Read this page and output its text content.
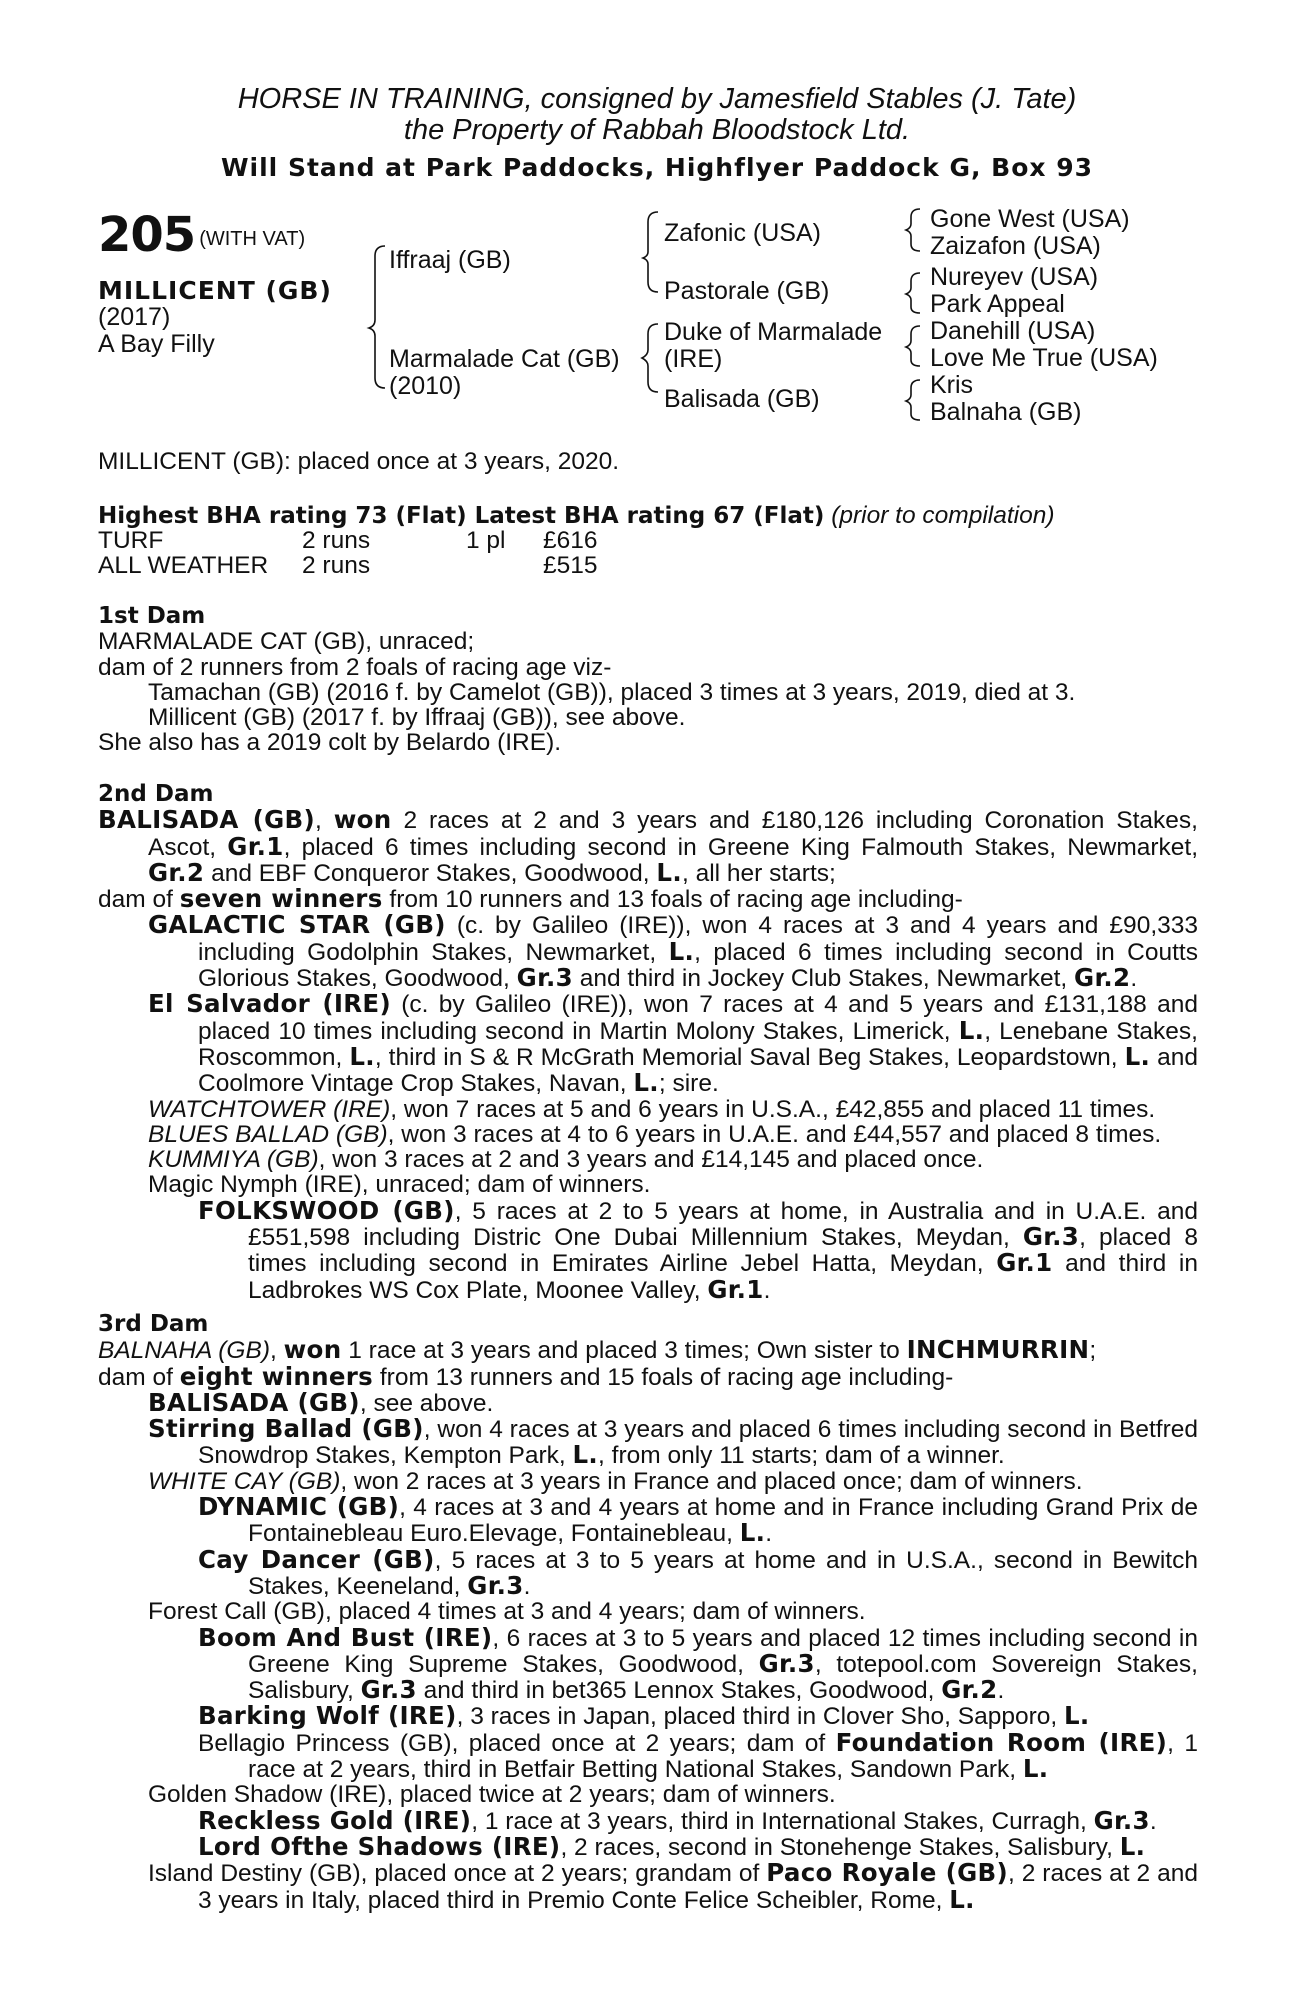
HORSE IN TRAINING, consigned by Jamesfield Stables (J. Tate)
the Property of Rabbah Bloodstock Ltd.
Will Stand at Park Paddocks, Highflyer Paddock G, Box 93
205 (WITH VAT)
MILLICENT (GB)
(2017)
A Bay Filly
Iffraaj (GB)
Marmalade Cat (GB)
(2010)
Zafonic (USA)
Pastorale (GB)
Duke of Marmalade
(IRE)
Balisada (GB)
Gone West (USA)
Zaizafon (USA)
Nureyev (USA)
Park Appeal
Danehill (USA)
Love Me True (USA)
Kris
Balnaha (GB)
MILLICENT (GB): placed once at 3 years, 2020.
Highest BHA rating 73 (Flat) Latest BHA rating 67 (Flat) (prior to compilation)
TURF	2 runs	1 pl £616
ALL WEATHER 2 runs	£515
1st Dam
MARMALADE CAT (GB), unraced;
dam of 2 runners from 2 foals of racing age viz-
Tamachan (GB) (2016 f. by Camelot (GB)), placed 3 times at 3 years, 2019, died at 3.
Millicent (GB) (2017 f. by Iffraaj (GB)), see above.
She also has a 2019 colt by Belardo (IRE).
2nd Dam
BALISADA (GB), won 2 races at 2 and 3 years and £180,126 including Coronation Stakes, Ascot, Gr.1, placed 6 times including second in Greene King Falmouth Stakes, Newmarket, Gr.2 and EBF Conqueror Stakes, Goodwood, L., all her starts;
dam of seven winners from 10 runners and 13 foals of racing age including-
GALACTIC STAR (GB) (c. by Galileo (IRE)), won 4 races at 3 and 4 years and £90,333 including Godolphin Stakes, Newmarket, L., placed 6 times including second in Coutts Glorious Stakes, Goodwood, Gr.3 and third in Jockey Club Stakes, Newmarket, Gr.2.
El Salvador (IRE) (c. by Galileo (IRE)), won 7 races at 4 and 5 years and £131,188 and placed 10 times including second in Martin Molony Stakes, Limerick, L., Lenebane Stakes, Roscommon, L., third in S & R McGrath Memorial Saval Beg Stakes, Leopardstown, L. and Coolmore Vintage Crop Stakes, Navan, L.; sire.
WATCHTOWER (IRE), won 7 races at 5 and 6 years in U.S.A., £42,855 and placed 11 times.
BLUES BALLAD (GB), won 3 races at 4 to 6 years in U.A.E. and £44,557 and placed 8 times.
KUMMIYA (GB), won 3 races at 2 and 3 years and £14,145 and placed once.
Magic Nymph (IRE), unraced; dam of winners.
FOLKSWOOD (GB), 5 races at 2 to 5 years at home, in Australia and in U.A.E. and £551,598 including Distric One Dubai Millennium Stakes, Meydan, Gr.3, placed 8 times including second in Emirates Airline Jebel Hatta, Meydan, Gr.1 and third in Ladbrokes WS Cox Plate, Moonee Valley, Gr.1.
3rd Dam
BALNAHA (GB), won 1 race at 3 years and placed 3 times; Own sister to INCHMURRIN;
dam of eight winners from 13 runners and 15 foals of racing age including-
BALISADA (GB), see above.
Stirring Ballad (GB), won 4 races at 3 years and placed 6 times including second in Betfred Snowdrop Stakes, Kempton Park, L., from only 11 starts; dam of a winner.
WHITE CAY (GB), won 2 races at 3 years in France and placed once; dam of winners.
DYNAMIC (GB), 4 races at 3 and 4 years at home and in France including Grand Prix de Fontainebleau Euro.Elevage, Fontainebleau, L..
Cay Dancer (GB), 5 races at 3 to 5 years at home and in U.S.A., second in Bewitch Stakes, Keeneland, Gr.3.
Forest Call (GB), placed 4 times at 3 and 4 years; dam of winners.
Boom And Bust (IRE), 6 races at 3 to 5 years and placed 12 times including second in Greene King Supreme Stakes, Goodwood, Gr.3, totepool.com Sovereign Stakes, Salisbury, Gr.3 and third in bet365 Lennox Stakes, Goodwood, Gr.2.
Barking Wolf (IRE), 3 races in Japan, placed third in Clover Sho, Sapporo, L.
Bellagio Princess (GB), placed once at 2 years; dam of Foundation Room (IRE), 1 race at 2 years, third in Betfair Betting National Stakes, Sandown Park, L.
Golden Shadow (IRE), placed twice at 2 years; dam of winners.
Reckless Gold (IRE), 1 race at 3 years, third in International Stakes, Curragh, Gr.3.
Lord Ofthe Shadows (IRE), 2 races, second in Stonehenge Stakes, Salisbury, L.
Island Destiny (GB), placed once at 2 years; grandam of Paco Royale (GB), 2 races at 2 and 3 years in Italy, placed third in Premio Conte Felice Scheibler, Rome, L.
